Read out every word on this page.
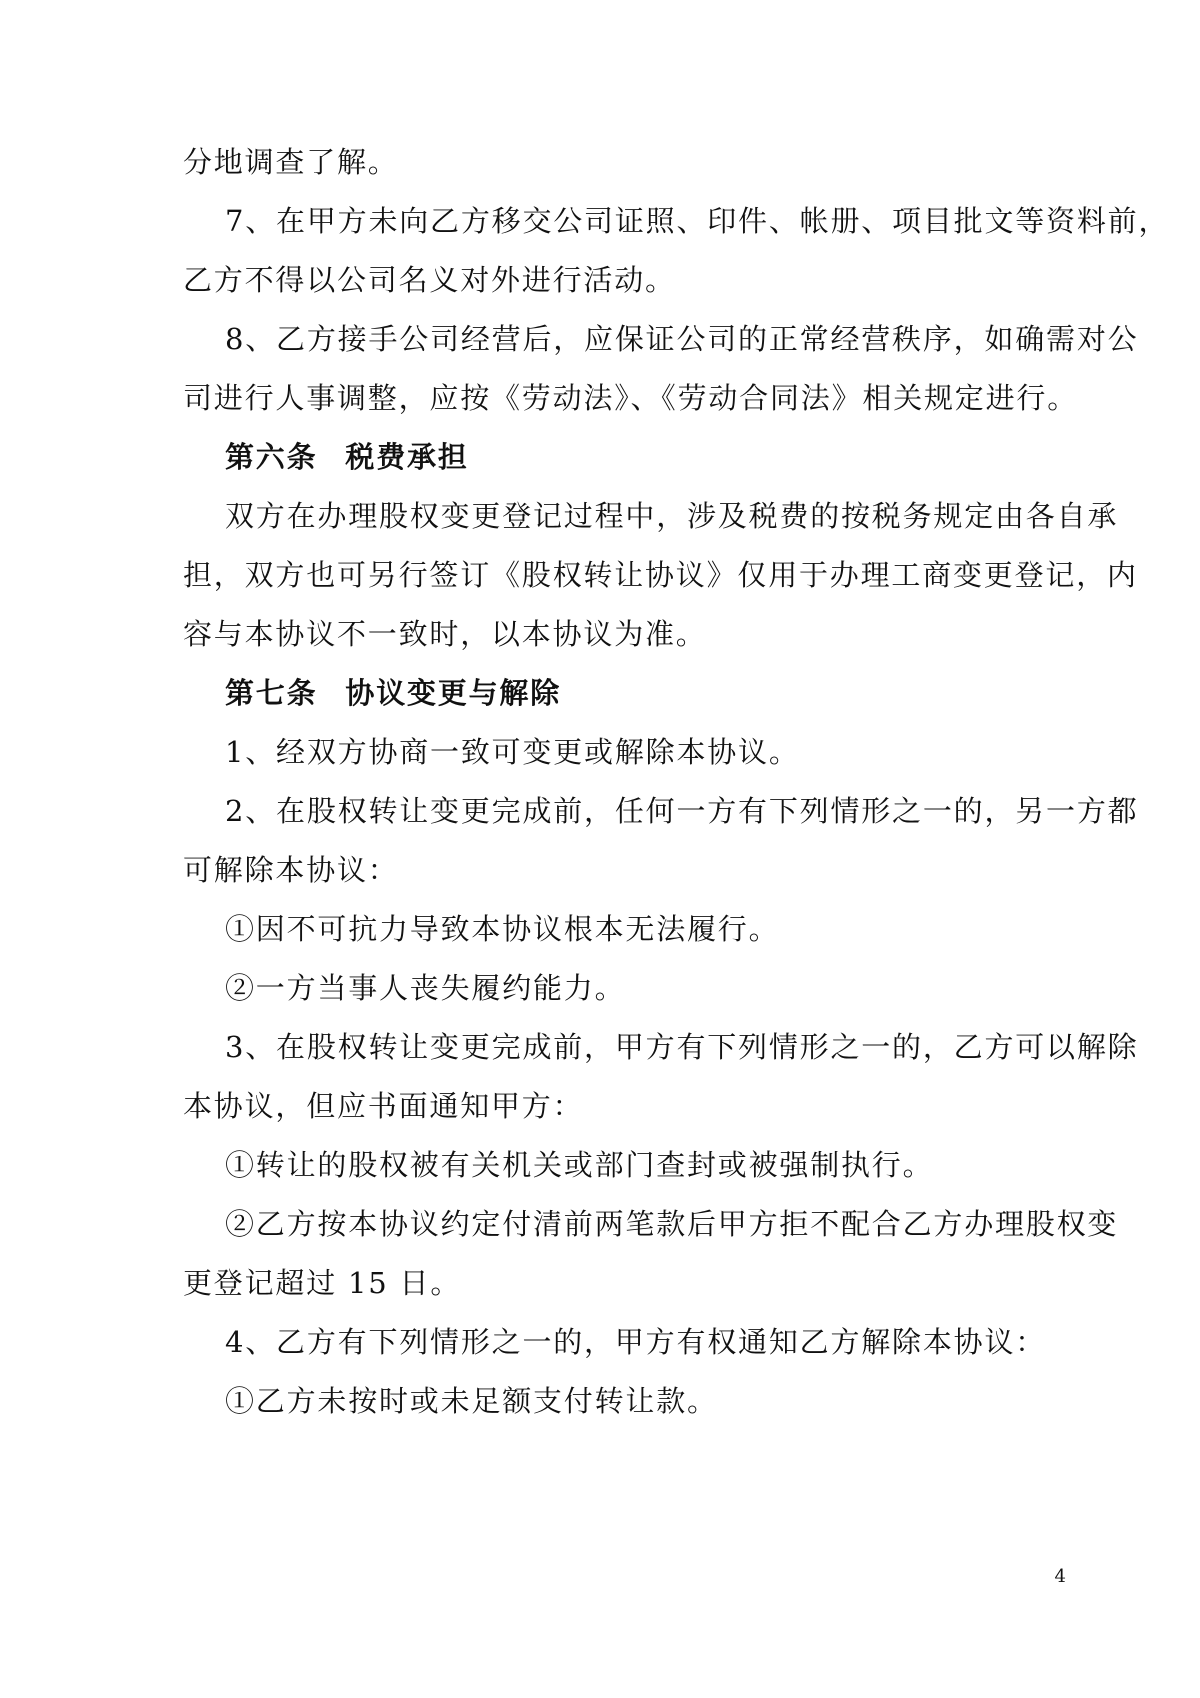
分地调查了解。
7、在甲方未向乙方移交公司证照、印件、帐册、项目批文等资料前，
乙方不得以公司名义对外进行活动。
8、乙方接手公司经营后，应保证公司的正常经营秩序，如确需对公
司进行人事调整，应按《劳动法》、《劳动合同法》相关规定进行。
第六条 税费承担
双方在办理股权变更登记过程中，涉及税费的按税务规定由各自承
担，双方也可另行签订《股权转让协议》仅用于办理工商变更登记，内
容与本协议不一致时，以本协议为准。
第七条 协议变更与解除
1、经双方协商一致可变更或解除本协议。
2、在股权转让变更完成前，任何一方有下列情形之一的，另一方都
可解除本协议：
①因不可抗力导致本协议根本无法履行。
②一方当事人丧失履约能力。
3、在股权转让变更完成前，甲方有下列情形之一的，乙方可以解除
本协议，但应书面通知甲方：
①转让的股权被有关机关或部门查封或被强制执行。
②乙方按本协议约定付清前两笔款后甲方拒不配合乙方办理股权变
更登记超过 15 日。
4、乙方有下列情形之一的，甲方有权通知乙方解除本协议：
①乙方未按时或未足额支付转让款。
4
